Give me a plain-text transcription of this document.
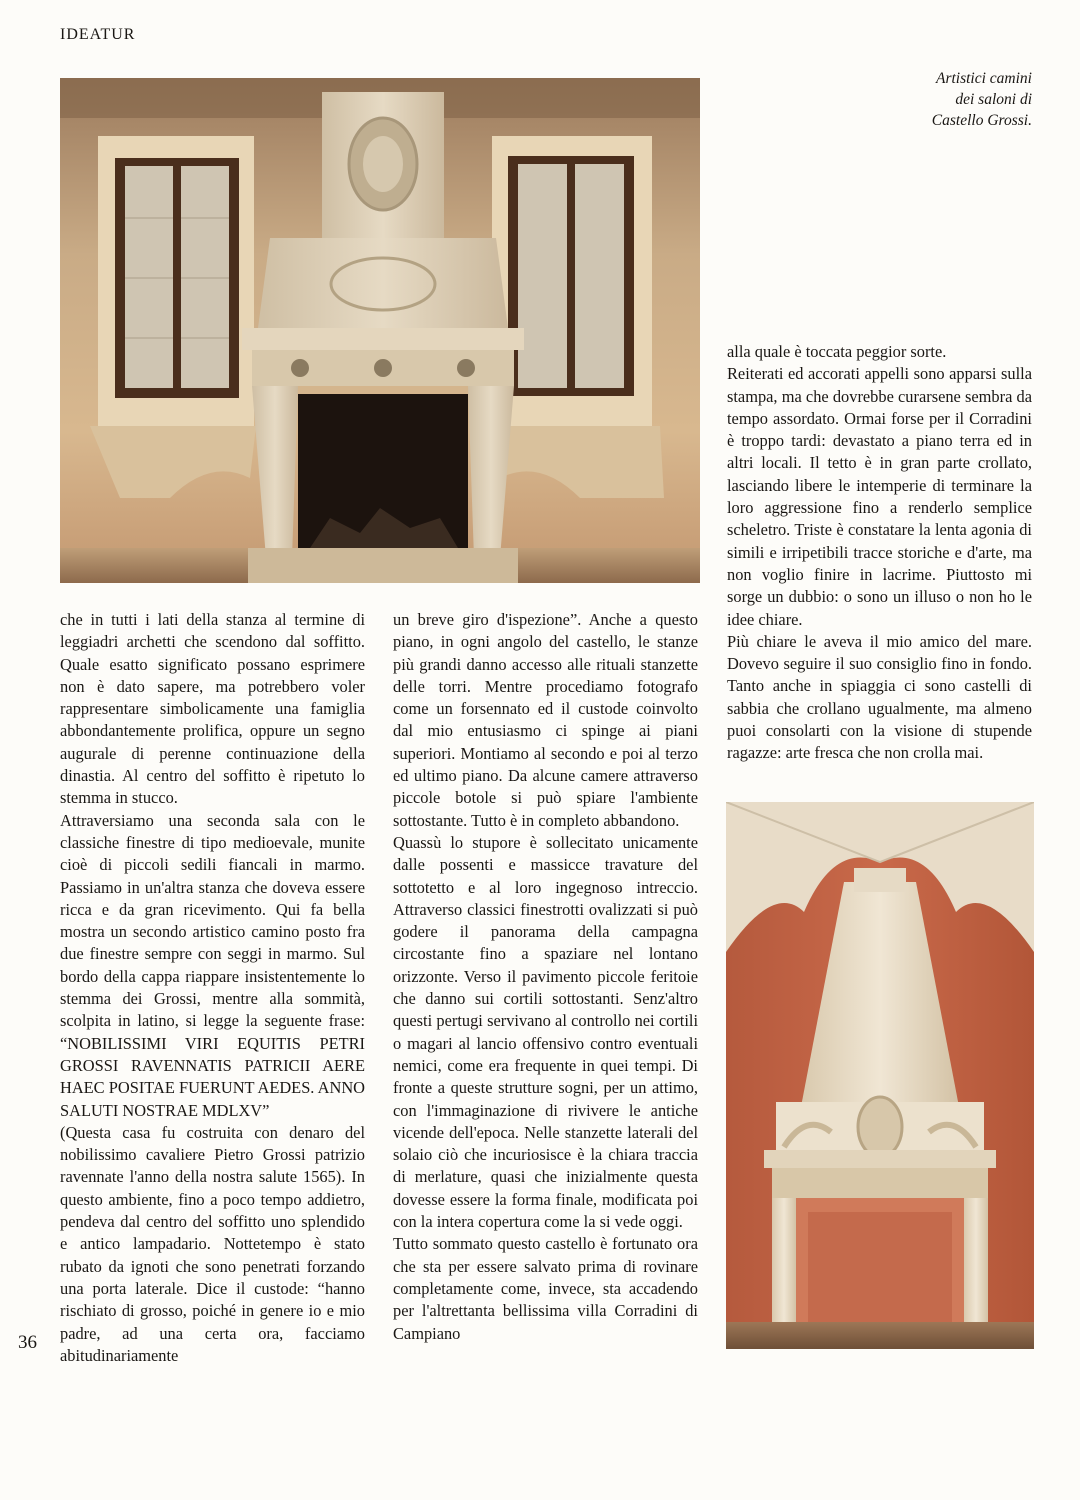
IDEATUR
Artistici camini
dei saloni di
Castello Grossi.

alla quale è toccata peggior sorte.

Reiterati ed accorati appelli sono apparsi sulla stampa, ma che dovrebbe curarsene sembra da tempo assordato. Ormai forse per il Corradini è troppo tardi: devastato a piano terra ed in altri locali. Il tetto è in gran parte crollato, lasciando libere le intemperie di terminare la loro aggressione fino a renderlo semplice scheletro. Triste è constatare la lenta agonia di simili e irripetibili tracce storiche e d'arte, ma non voglio finire in lacrime. Piuttosto mi sorge un dubbio: o sono un illuso o non ho le idee chiare.

Più chiare le aveva il mio amico del mare. Dovevo seguire il suo consiglio fino in fondo. Tanto anche in spiaggia ci sono castelli di sabbia che crollano ugualmente, ma almeno puoi consolarti con la visione di stupende ragazze: arte fresca che non crolla mai.

che in tutti i lati della stanza al termine di leggiadri archetti che scendono dal soffitto. Quale esatto significato possano esprimere non è dato sapere, ma potrebbero voler rappresentare simbolicamente una famiglia abbondantemente prolifica, oppure un segno augurale di perenne continuazione della dinastia. Al centro del soffitto è ripetuto lo stemma in stucco.

Attraversiamo una seconda sala con le classiche finestre di tipo medioevale, munite cioè di piccoli sedili fiancali in marmo. Passiamo in un'altra stanza che doveva essere ricca e da gran ricevimento. Qui fa bella mostra un secondo artistico camino posto fra due finestre sempre con seggi in marmo. Sul bordo della cappa riappare insistentemente lo stemma dei Grossi, mentre alla sommità, scolpita in latino, si legge la seguente frase: “NOBILISSIMI VIRI EQUITIS PETRI GROSSI RAVENNATIS PATRICII AERE HAEC POSITAE FUERUNT AEDES. ANNO SALUTI NOSTRAE MDLXV”

(Questa casa fu costruita con denaro del nobilissimo cavaliere Pietro Grossi patrizio ravennate l'anno della nostra salute 1565). In questo ambiente, fino a poco tempo addietro, pendeva dal centro del soffitto uno splendido e antico lampadario. Nottetempo è stato rubato da ignoti che sono penetrati forzando una porta laterale. Dice il custode: “hanno rischiato di grosso, poiché in genere io e mio padre, ad una certa ora, facciamo abitudinariamente

un breve giro d'ispezione”. Anche a questo piano, in ogni angolo del castello, le stanze più grandi danno accesso alle rituali stanzette delle torri. Mentre procediamo fotografo come un forsennato ed il custode coinvolto dal mio entusiasmo ci spinge ai piani superiori. Montiamo al secondo e poi al terzo ed ultimo piano. Da alcune camere attraverso piccole botole si può spiare l'ambiente sottostante. Tutto è in completo abbandono.

Quassù lo stupore è sollecitato unicamente dalle possenti e massicce travature del sottotetto e al loro ingegnoso intreccio. Attraverso classici finestrotti ovalizzati si può godere il panorama della campagna circostante fino a spaziare nel lontano orizzonte. Verso il pavimento piccole feritoie che danno sui cortili sottostanti. Senz'altro questi pertugi servivano al controllo nei cortili o magari al lancio offensivo contro eventuali nemici, come era frequente in quei tempi. Di fronte a queste strutture sogni, per un attimo, con l'immaginazione di rivivere le antiche vicende dell'epoca. Nelle stanzette laterali del solaio ciò che incuriosisce è la chiara traccia di merlature, quasi che inizialmente questa dovesse essere la forma finale, modificata poi con la intera copertura come la si vede oggi.

Tutto sommato questo castello è fortunato ora che sta per essere salvato prima di rovinare completamente come, invece, sta accadendo per l'altrettanta bellissima villa Corradini di Campiano

36
